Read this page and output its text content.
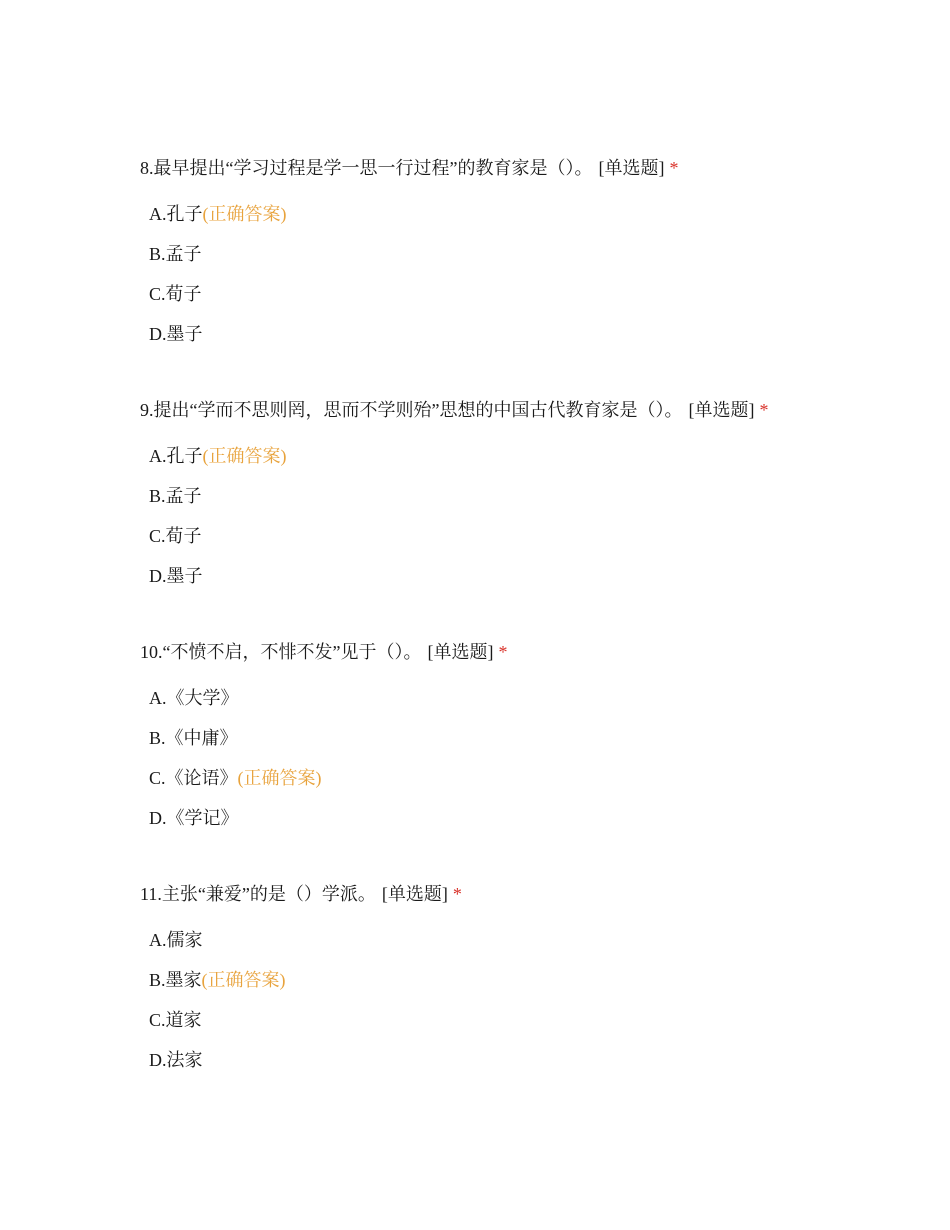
8.最早提出“学习过程是学一思一行过程”的教育家是（）。 [单选题] *
A.孔子(正确答案)
B.孟子
C.荀子
D.墨子
9.提出“学而不思则罔，思而不学则殆”思想的中国古代教育家是（）。 [单选题] *
A.孔子(正确答案)
B.孟子
C.荀子
D.墨子
10.“不愤不启，不悱不发”见于（）。 [单选题] *
A.《大学》
B.《中庸》
C.《论语》(正确答案)
D.《学记》
11.主张“兼爱”的是（）学派。 [单选题] *
A.儒家
B.墨家(正确答案)
C.道家
D.法家
